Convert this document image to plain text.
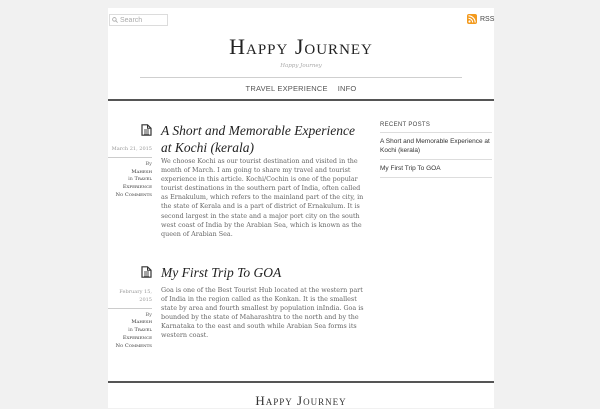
Search	RSS
Happy Journey
Happy Journey
TRAVEL EXPERIENCE INFO
A Short and Memorable Experience at Kochi (kerala)
March 21, 2015
By
Mahesh
in Travel Experience
No Comments
We choose Kochi as our tourist destination and visited in the month of March. I am going to share my travel and tourist experience in this article. Kochi/Cochin is one of the popular tourist destinations in the southern part of India, often called as Ernakulum, which refers to the mainland part of the city, in the state of Kerala and is a part of district of Ernakulum. It is second largest in the state and a major port city on the south west coast of India by the Arabian Sea, which is known as the queen of Arabian Sea.
My First Trip To GOA
February 15, 2015
By
Mahesh
in Travel Experience
No Comments
Goa is one of the Best Tourist Hub located at the western part of India in the region called as the Konkan. It is the smallest state by area and fourth smallest by population inIndia. Goa is bounded by the state of Maharashtra to the north and by the Karnataka to the east and south while Arabian Sea forms its western coast.
RECENT POSTS
A Short and Memorable Experience at Kochi (kerala)
My First Trip To GOA
Happy Journey
